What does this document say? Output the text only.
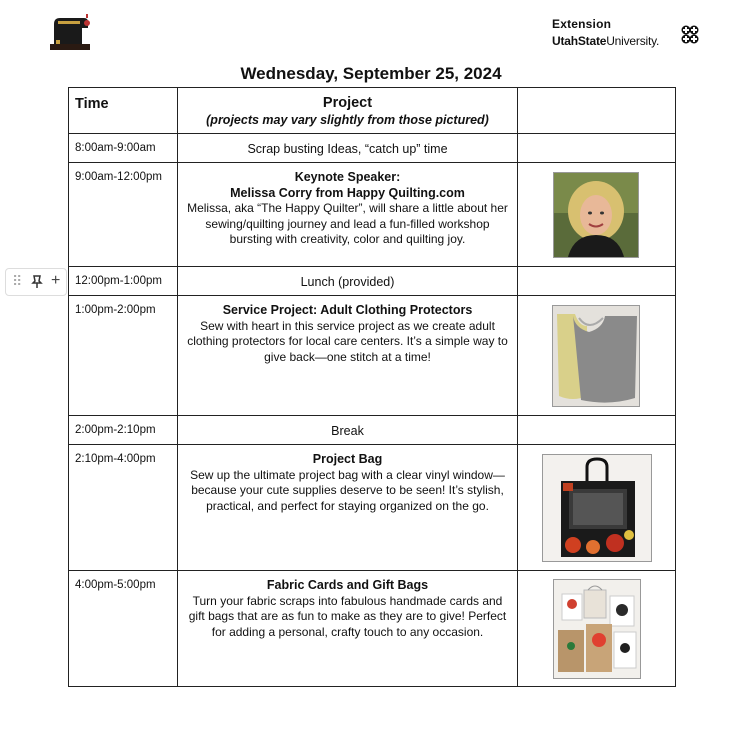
Extension
UtahStateUniversity.
Wednesday, September 25, 2024
⠿ +
Time	Project
(projects may vary slightly from those pictured)	

8:00am-9:00am	Scrap busting Ideas, “catch up” time	

9:00am-12:00pm	Keynote Speaker:
Melissa Corry from Happy Quilting.com
Melissa, aka “The Happy Quilter”, will share a little about her sewing/quilting journey and lead a fun-filled workshop bursting with creativity, color and quilting joy.

12:00pm-1:00pm	Lunch (provided)	

1:00pm-2:00pm	Service Project: Adult Clothing Protectors
Sew with heart in this service project as we create adult clothing protectors for local care centers. It’s a simple way to give back—one stitch at a time!

2:00pm-2:10pm	Break	

2:10pm-4:00pm	Project Bag
Sew up the ultimate project bag with a clear vinyl window—because your cute supplies deserve to be seen! It’s stylish, practical, and perfect for staying organized on the go.

4:00pm-5:00pm	Fabric Cards and Gift Bags
Turn your fabric scraps into fabulous handmade cards and gift bags that are as fun to make as they are to give! Perfect for adding a personal, crafty touch to any occasion.
